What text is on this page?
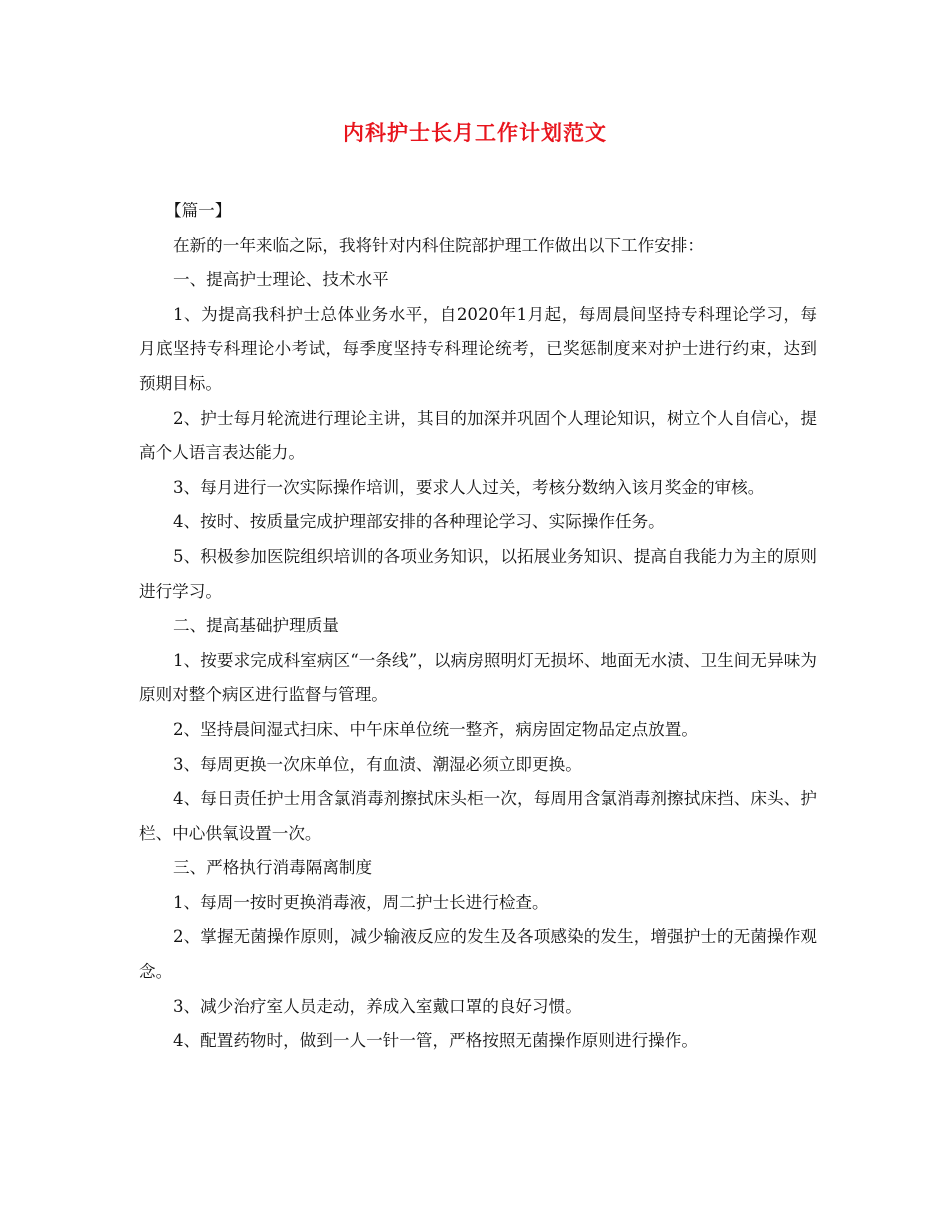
内科护士长月工作计划范文

【篇一】

在新的一年来临之际，我将针对内科住院部护理工作做出以下工作安排：

一、提高护士理论、技术水平

1、为提高我科护士总体业务水平，自2020年1月起，每周晨间坚持专科理论学习，每月底坚持专科理论小考试，每季度坚持专科理论统考，已奖惩制度来对护士进行约束，达到预期目标。

2、护士每月轮流进行理论主讲，其目的加深并巩固个人理论知识，树立个人自信心，提高个人语言表达能力。

3、每月进行一次实际操作培训，要求人人过关，考核分数纳入该月奖金的审核。

4、按时、按质量完成护理部安排的各种理论学习、实际操作任务。

5、积极参加医院组织培训的各项业务知识，以拓展业务知识、提高自我能力为主的原则进行学习。

二、提高基础护理质量

1、按要求完成科室病区“一条线”，以病房照明灯无损坏、地面无水渍、卫生间无异味为原则对整个病区进行监督与管理。

2、坚持晨间湿式扫床、中午床单位统一整齐，病房固定物品定点放置。

3、每周更换一次床单位，有血渍、潮湿必须立即更换。

4、每日责任护士用含氯消毒剂擦拭床头柜一次，每周用含氯消毒剂擦拭床挡、床头、护栏、中心供氧设置一次。

三、严格执行消毒隔离制度

1、每周一按时更换消毒液，周二护士长进行检查。

2、掌握无菌操作原则，减少输液反应的发生及各项感染的发生，增强护士的无菌操作观念。

3、减少治疗室人员走动，养成入室戴口罩的良好习惯。

4、配置药物时，做到一人一针一管，严格按照无菌操作原则进行操作。
